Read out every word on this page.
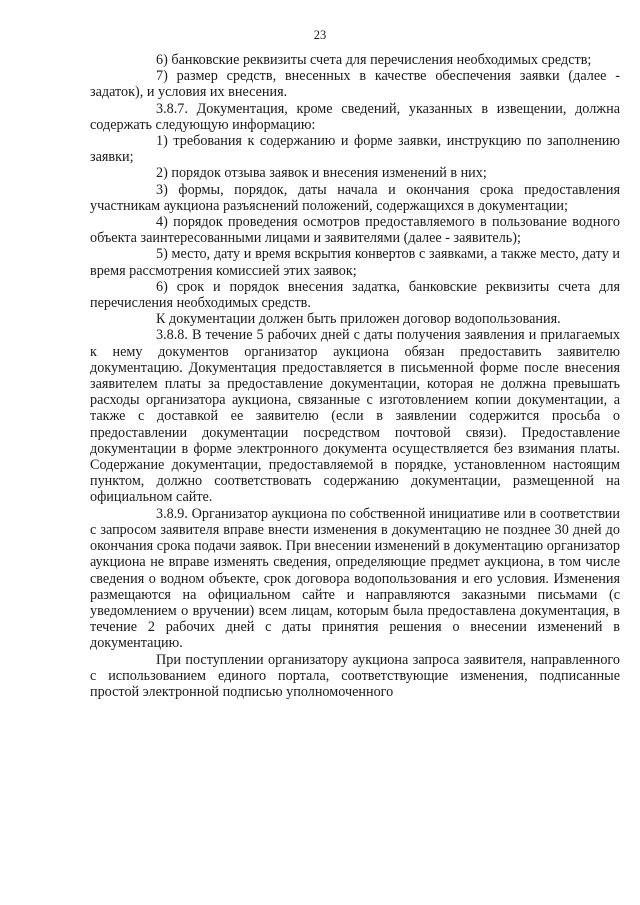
23

6) банковские реквизиты счета для перечисления необходимых средств;

7) размер средств, внесенных в качестве обеспечения заявки (далее - задаток), и условия их внесения.

3.8.7. Документация, кроме сведений, указанных в извещении, должна содержать следующую информацию:

1) требования к содержанию и форме заявки, инструкцию по заполнению заявки;

2) порядок отзыва заявок и внесения изменений в них;

3) формы, порядок, даты начала и окончания срока предоставления участникам аукциона разъяснений положений, содержащихся в документации;

4) порядок проведения осмотров предоставляемого в пользование водного объекта заинтересованными лицами и заявителями (далее - заявитель);

5) место, дату и время вскрытия конвертов с заявками, а также место, дату и время рассмотрения комиссией этих заявок;

6) срок и порядок внесения задатка, банковские реквизиты счета для перечисления необходимых средств.

К документации должен быть приложен договор водопользования.

3.8.8. В течение 5 рабочих дней с даты получения заявления и прилагаемых к нему документов организатор аукциона обязан предоставить заявителю документацию. Документация предоставляется в письменной форме после внесения заявителем платы за предоставление документации, которая не должна превышать расходы организатора аукциона, связанные с изготовлением копии документации, а также с доставкой ее заявителю (если в заявлении содержится просьба о предоставлении документации посредством почтовой связи). Предоставление документации в форме электронного документа осуществляется без взимания платы. Содержание документации, предоставляемой в порядке, установленном настоящим пунктом, должно соответствовать содержанию документации, размещенной на официальном сайте.

3.8.9. Организатор аукциона по собственной инициативе или в соответствии с запросом заявителя вправе внести изменения в документацию не позднее 30 дней до окончания срока подачи заявок. При внесении изменений в документацию организатор аукциона не вправе изменять сведения, определяющие предмет аукциона, в том числе сведения о водном объекте, срок договора водопользования и его условия. Изменения размещаются на официальном сайте и направляются заказными письмами (с уведомлением о вручении) всем лицам, которым была предоставлена документация, в течение 2 рабочих дней с даты принятия решения о внесении изменений в документацию.

При поступлении организатору аукциона запроса заявителя, направленного с использованием единого портала, соответствующие изменения, подписанные простой электронной подписью уполномоченного
